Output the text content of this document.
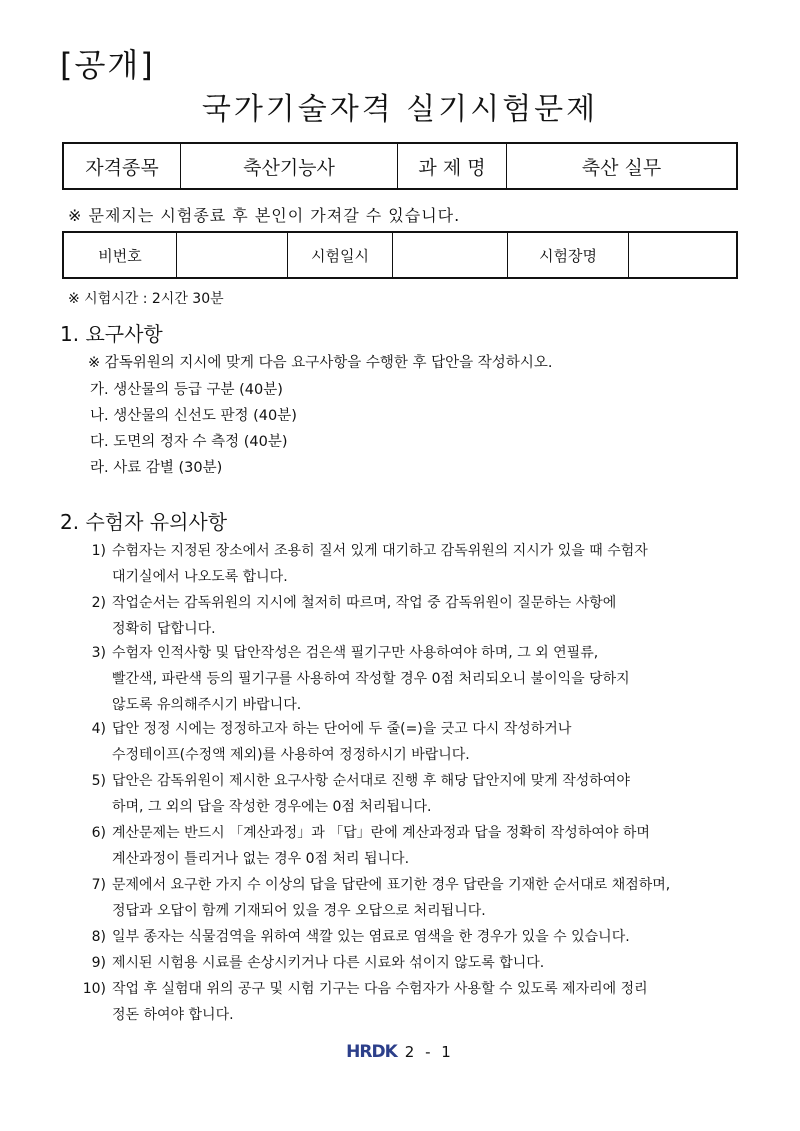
[공개]
국가기술자격 실기시험문제
자격종목	축산기능사	과 제 명	축산 실무
※ 문제지는 시험종료 후 본인이 가져갈 수 있습니다.
비번호		시험일시		시험장명	
※ 시험시간 : 2시간 30분
1. 요구사항
※ 감독위원의 지시에 맞게 다음 요구사항을 수행한 후 답안을 작성하시오.
가. 생산물의 등급 구분 (40분)
나. 생산물의 신선도 판정 (40분)
다. 도면의 정자 수 측정 (40분)
라. 사료 감별 (30분)
2. 수험자 유의사항
1) 수험자는 지정된 장소에서 조용히 질서 있게 대기하고 감독위원의 지시가 있을 때 수험자
대기실에서 나오도록 합니다.
2) 작업순서는 감독위원의 지시에 철저히 따르며, 작업 중 감독위원이 질문하는 사항에
정확히 답합니다.
3) 수험자 인적사항 및 답안작성은 검은색 필기구만 사용하여야 하며, 그 외 연필류,
빨간색, 파란색 등의 필기구를 사용하여 작성할 경우 0점 처리되오니 불이익을 당하지
않도록 유의해주시기 바랍니다.
4) 답안 정정 시에는 정정하고자 하는 단어에 두 줄(=)을 긋고 다시 작성하거나
수정테이프(수정액 제외)를 사용하여 정정하시기 바랍니다.
5) 답안은 감독위원이 제시한 요구사항 순서대로 진행 후 해당 답안지에 맞게 작성하여야
하며, 그 외의 답을 작성한 경우에는 0점 처리됩니다.
6) 계산문제는 반드시 「계산과정」과 「답」란에 계산과정과 답을 정확히 작성하여야 하며
계산과정이 틀리거나 없는 경우 0점 처리 됩니다.
7) 문제에서 요구한 가지 수 이상의 답을 답란에 표기한 경우 답란을 기재한 순서대로 채점하며,
정답과 오답이 함께 기재되어 있을 경우 오답으로 처리됩니다.
8) 일부 종자는 식물검역을 위하여 색깔 있는 염료로 염색을 한 경우가 있을 수 있습니다.
9) 제시된 시험용 시료를 손상시키거나 다른 시료와 섞이지 않도록 합니다.
10) 작업 후 실험대 위의 공구 및 시험 기구는 다음 수험자가 사용할 수 있도록 제자리에 정리
정돈 하여야 합니다.
HRDK 2 - 1
